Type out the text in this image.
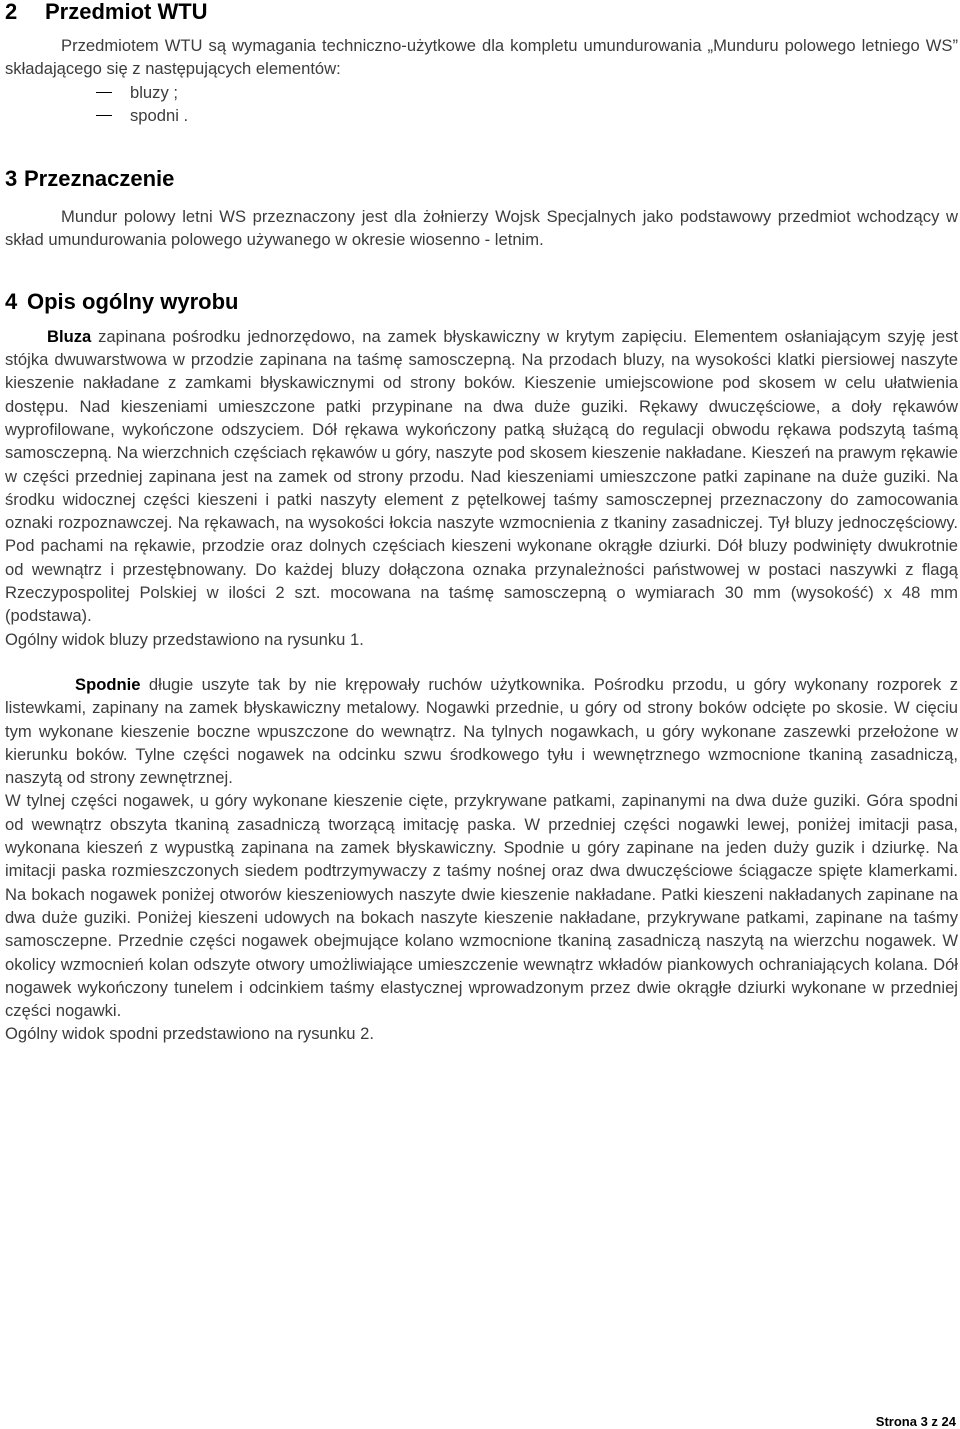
2 Przedmiot WTU

Przedmiotem WTU są wymagania techniczno-użytkowe dla kompletu umundurowania „Munduru polowego letniego WS” składającego się z następujących elementów:

bluzy ;
spodni .
3 Przeznaczenie

Mundur polowy letni WS przeznaczony jest dla żołnierzy Wojsk Specjalnych jako podstawowy przedmiot wchodzący w skład umundurowania polowego używanego w okresie wiosenno - letnim.

4 Opis ogólny wyrobu

Bluza zapinana pośrodku jednorzędowo, na zamek błyskawiczny w krytym zapięciu. Elementem osłaniającym szyję jest stójka dwuwarstwowa w przodzie zapinana na taśmę samosczepną. Na przodach bluzy, na wysokości klatki piersiowej naszyte kieszenie nakładane z zamkami błyskawicznymi od strony boków. Kieszenie umiejscowione pod skosem w celu ułatwienia dostępu. Nad kieszeniami umieszczone patki przypinane na dwa duże guziki. Rękawy dwuczęściowe, a doły rękawów wyprofilowane, wykończone odszyciem. Dół rękawa wykończony patką służącą do regulacji obwodu rękawa podszytą taśmą samosczepną. Na wierzchnich częściach rękawów u góry, naszyte pod skosem kieszenie nakładane. Kieszeń na prawym rękawie w części przedniej zapinana jest na zamek od strony przodu. Nad kieszeniami umieszczone patki zapinane na duże guziki. Na środku widocznej części kieszeni i patki naszyty element z pętelkowej taśmy samosczepnej przeznaczony do zamocowania oznaki rozpoznawczej. Na rękawach, na wysokości łokcia naszyte wzmocnienia z tkaniny zasadniczej. Tył bluzy jednoczęściowy. Pod pachami na rękawie, przodzie oraz dolnych częściach kieszeni wykonane okrągłe dziurki. Dół bluzy podwinięty dwukrotnie od wewnątrz i przestębnowany. Do każdej bluzy dołączona oznaka przynależności państwowej w postaci naszywki z flagą Rzeczypospolitej Polskiej w ilości 2 szt. mocowana na taśmę samosczepną o wymiarach 30 mm (wysokość) x 48 mm (podstawa).

Ogólny widok bluzy przedstawiono na rysunku 1.

Spodnie długie uszyte tak by nie krępowały ruchów użytkownika. Pośrodku przodu, u góry wykonany rozporek z listewkami, zapinany na zamek błyskawiczny metalowy. Nogawki przednie, u góry od strony boków odcięte po skosie. W cięciu tym wykonane kieszenie boczne wpuszczone do wewnątrz. Na tylnych nogawkach, u góry wykonane zaszewki przełożone w kierunku boków. Tylne części nogawek na odcinku szwu środkowego tyłu i wewnętrznego wzmocnione tkaniną zasadniczą, naszytą od strony zewnętrznej.

W tylnej części nogawek, u góry wykonane kieszenie cięte, przykrywane patkami, zapinanymi na dwa duże guziki. Góra spodni od wewnątrz obszyta tkaniną zasadniczą tworzącą imitację paska. W przedniej części nogawki lewej, poniżej imitacji pasa, wykonana kieszeń z wypustką zapinana na zamek błyskawiczny. Spodnie u góry zapinane na jeden duży guzik i dziurkę. Na imitacji paska rozmieszczonych siedem podtrzymywaczy z taśmy nośnej oraz dwa dwuczęściowe ściągacze spięte klamerkami. Na bokach nogawek poniżej otworów kieszeniowych naszyte dwie kieszenie nakładane. Patki kieszeni nakładanych zapinane na dwa duże guziki. Poniżej kieszeni udowych na bokach naszyte kieszenie nakładane, przykrywane patkami, zapinane na taśmy samosczepne. Przednie części nogawek obejmujące kolano wzmocnione tkaniną zasadniczą naszytą na wierzchu nogawek. W okolicy wzmocnień kolan odszyte otwory umożliwiające umieszczenie wewnątrz wkładów piankowych ochraniających kolana. Dół nogawek wykończony tunelem i odcinkiem taśmy elastycznej wprowadzonym przez dwie okrągłe dziurki wykonane w przedniej części nogawki.

Ogólny widok spodni przedstawiono na rysunku 2.

Strona 3 z 24
